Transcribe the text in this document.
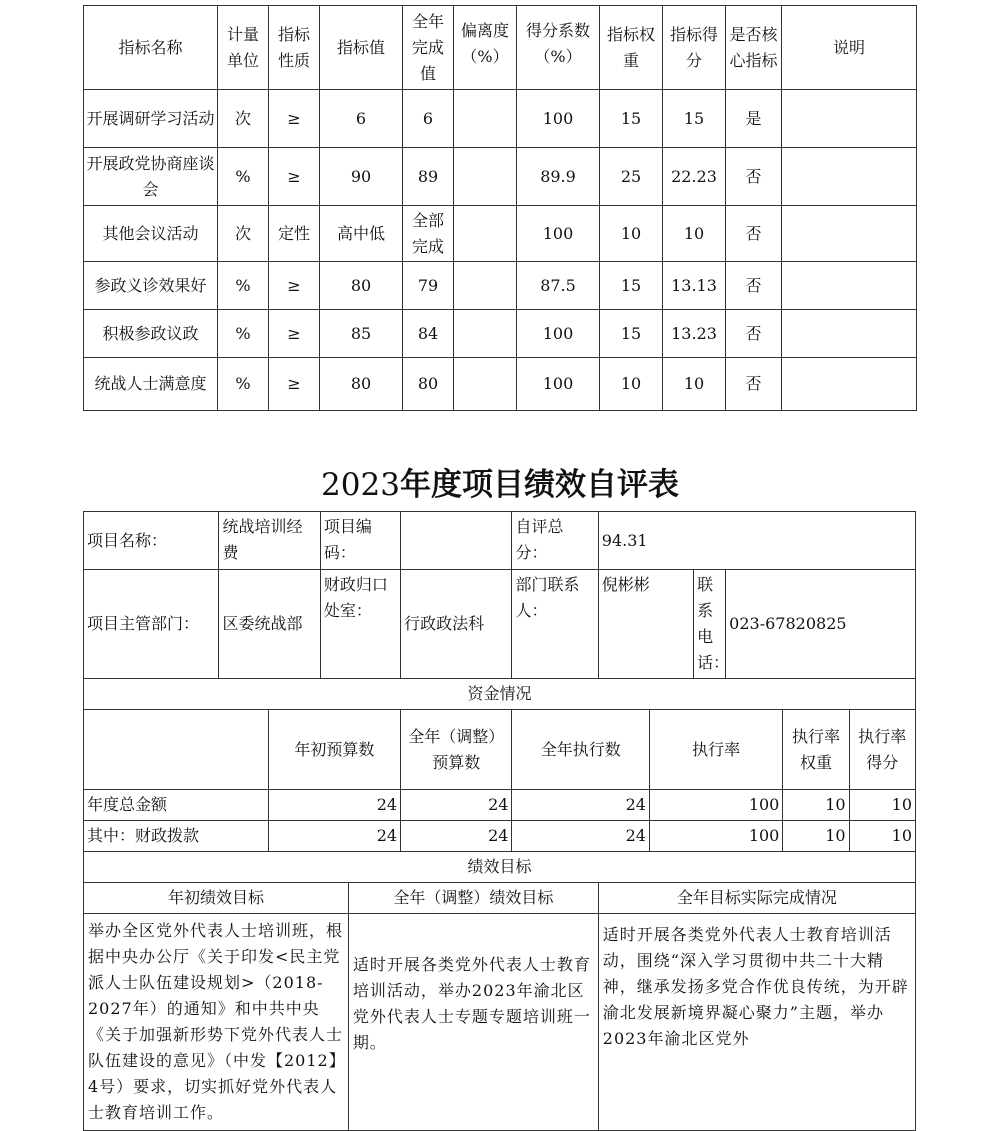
指标名称	计量单位	指标性质	指标值	全年完成值	偏离度（%）	得分系数（%）	指标权重	指标得分	是否核心指标	说明
开展调研学习活动	次	≥	6	6		100	15	15	是	
开展政党协商座谈会	%	≥	90	89		89.9	25	22.23	否	
其他会议活动	次	定性	高中低	全部完成		100	10	10	否	
参政义诊效果好	%	≥	80	79		87.5	15	13.13	否	
积极参政议政	%	≥	85	84		100	15	13.23	否	
统战人士满意度	%	≥	80	80		100	10	10	否	
2023年度项目绩效自评表
项目名称：	统战培训经费		项目编码：			自评总分：	94.31					
项目主管部门：	区委统战部		财政归口处室：		行政政法科	部门联系人：	倪彬彬		联系电话：	023-67820825		
资金情况												
		年初预算数			全年（调整）预算数	全年执行数		执行率			执行率权重	执行率得分
年度总金额		24			24	24		100			10	10
其中：财政拨款		24			24	24		100			10	10
绩效目标												
年初绩效目标				全年（调整）绩效目标			全年目标实际完成情况					
举办全区党外代表人士培训班，根据中央办公厅《关于印发<民主党派人士队伍建设规划>（2018-2027年）的通知》和中共中央《关于加强新形势下党外代表人士队伍建设的意见》（中发【2012】4号）要求，切实抓好党外代表人士教育培训工作。				适时开展各类党外代表人士教育培训活动，举办2023年渝北区党外代表人士专题专题培训班一期。			适时开展各类党外代表人士教育培训活动，围绕“深入学习贯彻中共二十大精神，继承发扬多党合作优良传统，为开辟渝北发展新境界凝心聚力”主题，举办2023年渝北区党外					
